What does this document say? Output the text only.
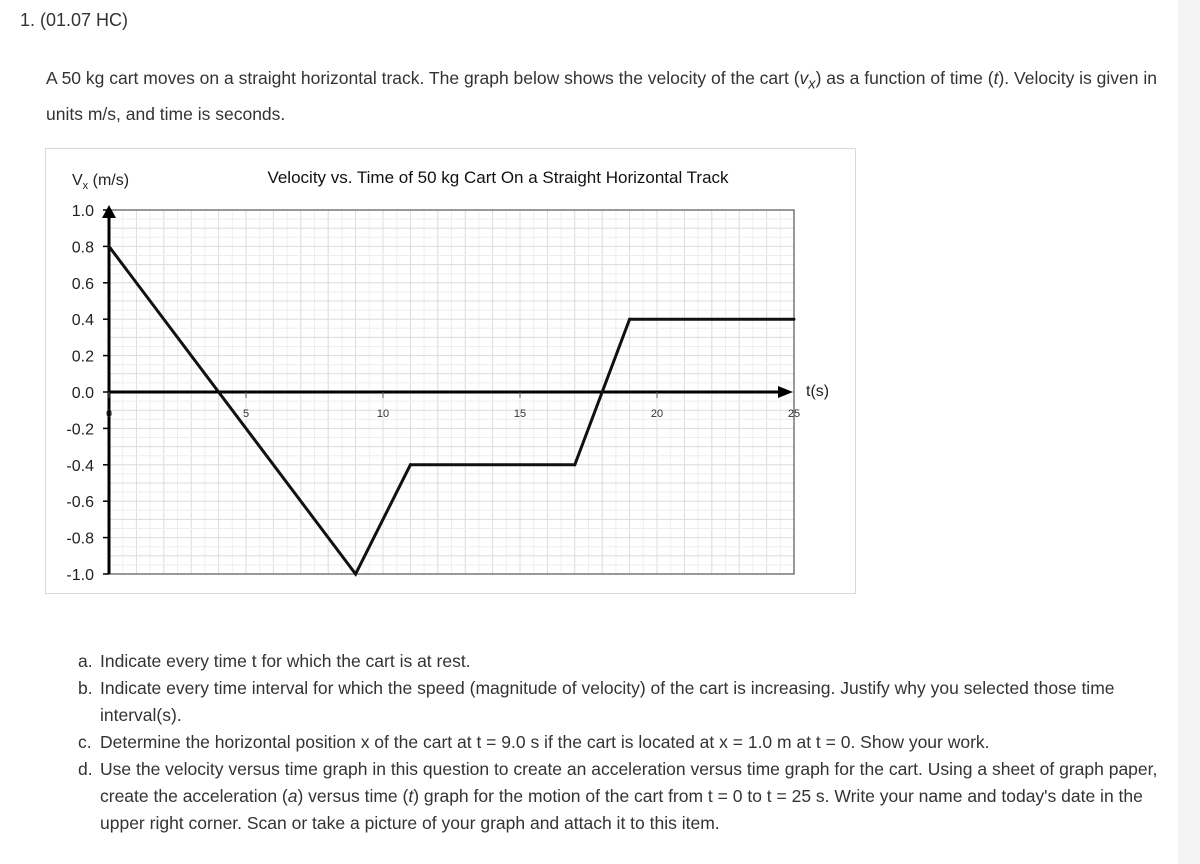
1. (01.07 HC)
A 50 kg cart moves on a straight horizontal track. The graph below shows the velocity of the cart $(v_x)$ as a function of time (t). Velocity is given in units m/s, and time is seconds.
1.0
0.8
0.6
0.4
0.2
0.0
-0.2
-0.4
-0.6
-0.8
-1.0
0	5	10	15	20	25
Velocity vs. Time of 50 kg Cart On a Straight Horizontal Track
$V_x$ (m/s)
t(s)
a. Indicate every time t for which the cart is at rest.
b. Indicate every time interval for which the speed (magnitude of velocity) of the cart is increasing. Justify why you selected those time interval(s).
c. Determine the horizontal position x of the cart at t = 9.0 s if the cart is located at x = 1.0 m at t = 0. Show your work.
d. Use the velocity versus time graph in this question to create an acceleration versus time graph for the cart. Using a sheet of graph paper, create the acceleration (a) versus time (t) graph for the motion of the cart from t = 0 to t = 25 s. Write your name and today's date in the upper right corner. Scan or take a picture of your graph and attach it to this item.
